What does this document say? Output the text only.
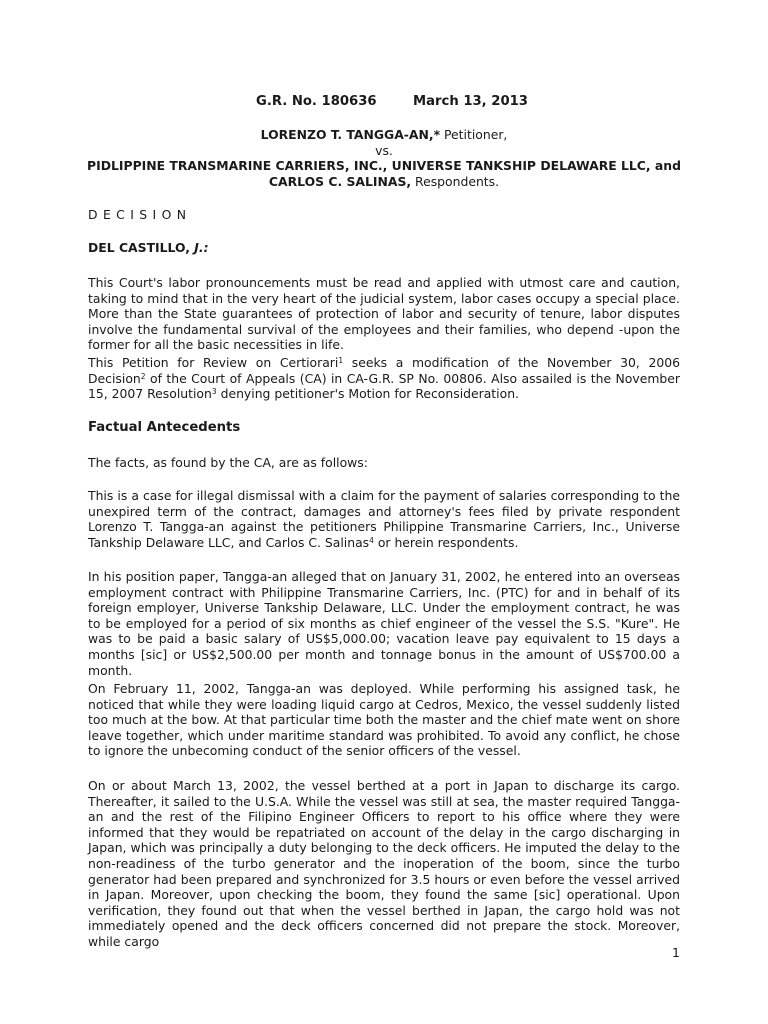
G.R. No. 180636	March 13, 2013
LORENZO T. TANGGA-AN,* Petitioner,
vs.
PIDLIPPINE TRANSMARINE CARRIERS, INC., UNIVERSE TANKSHIP DELAWARE LLC, and
CARLOS C. SALINAS, Respondents.
DECISION
DEL CASTILLO, J.:

This Court's labor pronouncements must be read and applied with utmost care and caution, taking to mind that in the very heart of the judicial system, labor cases occupy a special place. More than the State guarantees of protection of labor and security of tenure, labor disputes involve the fundamental survival of the employees and their families, who depend -upon the former for all the basic necessities in life.

This Petition for Review on Certiorari$^1$ seeks a modification of the November 30, 2006 Decision$^2$ of the Court of Appeals (CA) in CA-G.R. SP No. 00806. Also assailed is the November 15, 2007 Resolution$^3$ denying petitioner's Motion for Reconsideration.

Factual Antecedents

The facts, as found by the CA, are as follows:

This is a case for illegal dismissal with a claim for the payment of salaries corresponding to the unexpired term of the contract, damages and attorney's fees filed by private respondent Lorenzo T. Tangga-an against the petitioners Philippine Transmarine Carriers, Inc., Universe Tankship Delaware LLC, and Carlos C. Salinas$^4$ or herein respondents.

In his position paper, Tangga-an alleged that on January 31, 2002, he entered into an overseas employment contract with Philippine Transmarine Carriers, Inc. (PTC) for and in behalf of its foreign employer, Universe Tankship Delaware, LLC. Under the employment contract, he was to be employed for a period of six months as chief engineer of the vessel the S.S. "Kure". He was to be paid a basic salary of US$5,000.00; vacation leave pay equivalent to 15 days a months [sic] or US$2,500.00 per month and tonnage bonus in the amount of US$700.00 a month.

On February 11, 2002, Tangga-an was deployed. While performing his assigned task, he noticed that while they were loading liquid cargo at Cedros, Mexico, the vessel suddenly listed too much at the bow. At that particular time both the master and the chief mate went on shore leave together, which under maritime standard was prohibited. To avoid any conflict, he chose to ignore the unbecoming conduct of the senior officers of the vessel.

On or about March 13, 2002, the vessel berthed at a port in Japan to discharge its cargo. Thereafter, it sailed to the U.S.A. While the vessel was still at sea, the master required Tangga-an and the rest of the Filipino Engineer Officers to report to his office where they were informed that they would be repatriated on account of the delay in the cargo discharging in Japan, which was principally a duty belonging to the deck officers. He imputed the delay to the non-readiness of the turbo generator and the inoperation of the boom, since the turbo generator had been prepared and synchronized for 3.5 hours or even before the vessel arrived in Japan. Moreover, upon checking the boom, they found the same [sic] operational. Upon verification, they found out that when the vessel berthed in Japan, the cargo hold was not immediately opened and the deck officers concerned did not prepare the stock. Moreover, while cargo

1
